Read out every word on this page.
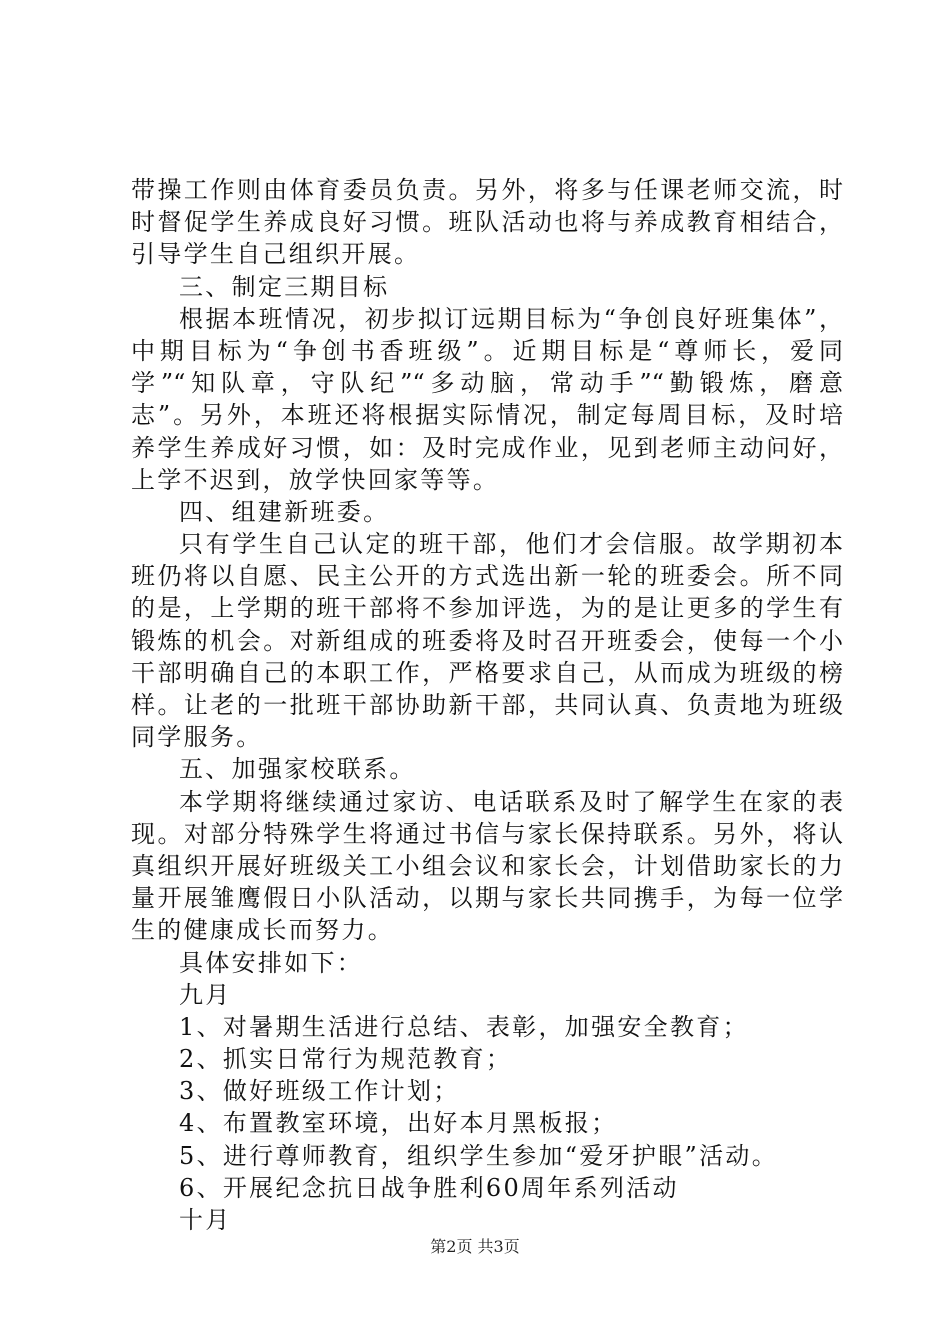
带操工作则由体育委员负责。另外，将多与任课老师交流，时
时督促学生养成良好习惯。班队活动也将与养成教育相结合，
引导学生自己组织开展。
三、制定三期目标
根据本班情况，初步拟订远期目标为“争创良好班集体”，
中期目标为“争创书香班级”。近期目标是“尊师长，爱同
学”“知队章，守队纪”“多动脑，常动手”“勤锻炼，磨意
志”。另外，本班还将根据实际情况，制定每周目标，及时培
养学生养成好习惯，如：及时完成作业，见到老师主动问好，
上学不迟到，放学快回家等等。
四、组建新班委。
只有学生自己认定的班干部，他们才会信服。故学期初本
班仍将以自愿、民主公开的方式选出新一轮的班委会。所不同
的是，上学期的班干部将不参加评选，为的是让更多的学生有
锻炼的机会。对新组成的班委将及时召开班委会，使每一个小
干部明确自己的本职工作，严格要求自己，从而成为班级的榜
样。让老的一批班干部协助新干部，共同认真、负责地为班级
同学服务。
五、加强家校联系。
本学期将继续通过家访、电话联系及时了解学生在家的表
现。对部分特殊学生将通过书信与家长保持联系。另外，将认
真组织开展好班级关工小组会议和家长会，计划借助家长的力
量开展雏鹰假日小队活动，以期与家长共同携手，为每一位学
生的健康成长而努力。
具体安排如下：
九月
1、对暑期生活进行总结、表彰，加强安全教育；
2、抓实日常行为规范教育；
3、做好班级工作计划；
4、布置教室环境，出好本月黑板报；
5、进行尊师教育，组织学生参加“爱牙护眼”活动。
6、开展纪念抗日战争胜利60周年系列活动
十月
第2页 共3页
